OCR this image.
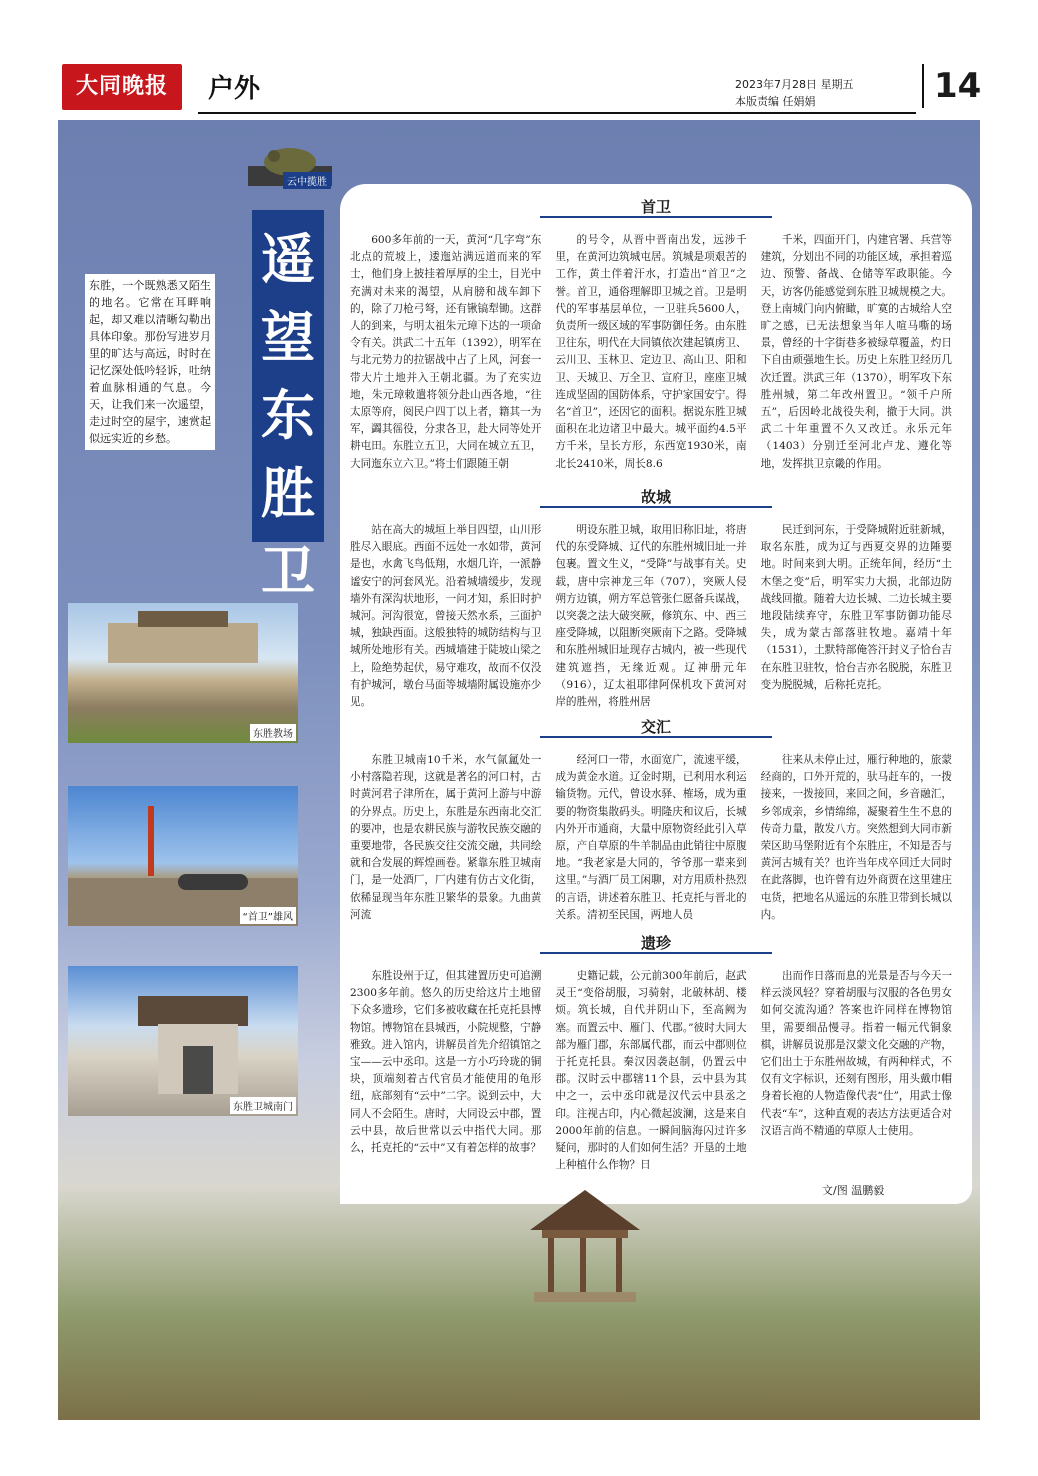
大同晚报	户外	2023年7月28日 星期五
本版责编 任娟娟	14
云中揽胜
遥望东胜卫
东胜，一个既熟悉又陌生的地名。它常在耳畔响起，却又难以清晰勾勒出具体印象。那份写进岁月里的旷达与高远，时时在记忆深处低吟轻诉，吐纳着血脉相通的气息。今天，让我们来一次遥望，走过时空的屋宇，速赏起似远实近的乡愁。
东胜教场
“首卫”雄风
东胜卫城南门
首卫

600多年前的一天，黄河“几字弯”东北点的荒坡上，逶迤站满远道而来的军士，他们身上披挂着厚厚的尘土，目光中充满对未来的渴望，从肩膀和战车卸下的，除了刀枪弓弩，还有锹镐犁锄。这群人的到来，与明太祖朱元璋下达的一项命令有关。洪武二十五年（1392），明军在与北元势力的拉锯战中占了上风，河套一带大片土地并入王朝北疆。为了充实边地，朱元璋敕遣将领分赴山西各地，“往太原等府，阅民户四丁以上者，籍其一为军，蠲其徭役，分隶各卫，赴大同等处开耕屯田。东胜立五卫，大同在城立五卫，大同迤东立六卫。”将士们跟随王朝

的号令，从晋中晋南出发，远涉千里，在黄河边筑城屯居。筑城是项艰苦的工作，黄土伴着汗水，打造出“首卫”之誉。首卫，通俗理解即卫城之首。卫是明代的军事基层单位，一卫驻兵5600人，负责所一级区域的军事防御任务。由东胜卫往东，明代在大同镇依次建起镇虏卫、云川卫、玉林卫、定边卫、高山卫、阳和卫、天城卫、万全卫、宣府卫，座座卫城连成坚固的国防体系，守护家国安宁。得名“首卫”，还因它的面积。据说东胜卫城面积在北边诸卫中最大。城平面约4.5平方千米，呈长方形，东西宽1930米，南北长2410米，周长8.6

千米，四面开门，内建官署、兵营等建筑，分划出不同的功能区域，承担着巡边、预警、备战、仓储等军政职能。今天，访客仍能感觉到东胜卫城规模之大。登上南城门向内俯瞰，旷寞的古城给人空旷之感，已无法想象当年人喧马嘶的场景，曾经的十字街巷多被绿草覆盖，灼日下自由顽强地生长。历史上东胜卫经历几次迁置。洪武三年（1370），明军攻下东胜州城，第二年改州置卫。“领千户所五”，后因岭北战役失利，撤于大同。洪武二十年重置不久又改迁。永乐元年（1403）分别迁至河北卢龙、遵化等地，发挥拱卫京畿的作用。

故城

站在高大的城垣上举目四望，山川形胜尽入眼底。西面不远处一水如带，黄河是也，水禽飞鸟低翔，水烟几许，一派静谧安宁的河套风光。沿着城墙缓步，发现墙外有深沟状地形，一问才知，系旧时护城河。河沟很宽，曾接天然水系，三面护城，独缺西面。这般独特的城防结构与卫城所处地形有关。西城墙建于陡坡山梁之上，险绝势起伏，易守难攻，故而不仅没有护城河，墩台马面等城墙附属设施亦少见。

明设东胜卫城，取用旧称旧址，将唐代的东受降城、辽代的东胜州城旧址一并包裹。置文生义，“受降”与战事有关。史载，唐中宗神龙三年（707），突厥人侵朔方边镇，朔方军总管张仁愿备兵谋战，以突袭之法大破突厥，修筑东、中、西三座受降城，以阻断突厥南下之路。受降城和东胜州城旧址现存古城内，被一些现代建筑遮挡，无缘近观。辽神册元年（916），辽太祖耶律阿保机攻下黄河对岸的胜州，将胜州居

民迁到河东，于受降城附近驻新城，取名东胜，成为辽与西夏交界的边陲要地。时间来到大明。正统年间，经历“土木堡之变”后，明军实力大损，北部边防战线回撤。随着大边长城、二边长城主要地段陆续弃守，东胜卫军事防御功能尽失，成为蒙古部落驻牧地。嘉靖十年（1531），土默特部俺答汗封义子恰台吉在东胜卫驻牧，恰台吉亦名脱脱，东胜卫变为脱脱城，后称托克托。

交汇

东胜卫城南10千米，水气氤氲处一小村落隐若现，这就是著名的河口村，古时黄河君子津所在，属于黄河上游与中游的分界点。历史上，东胜是东西南北交汇的要冲，也是农耕民族与游牧民族交融的重要地带，各民族交往交流交融，共同绘就和合发展的辉煌画卷。紧靠东胜卫城南门，是一处酒厂，厂内建有仿古文化街，依稀显现当年东胜卫繁华的景象。九曲黄河流

经河口一带，水面宽广，流速平缓，成为黄金水道。辽金时期，已利用水利运输货物。元代，曾设水驿、榷场，成为重要的物资集散码头。明隆庆和议后，长城内外开市通商，大量中原物资经此引入草原，产自草原的牛羊制品由此销往中原腹地。“我老家是大同的，爷爷那一辈来到这里。”与酒厂员工闲聊，对方用质朴热烈的言语，讲述着东胜卫、托克托与晋北的关系。清初至民国，两地人员

往来从未停止过，雁行种地的，旅蒙经商的，口外开荒的，驮马赶车的，一拨接来，一拨接回，来回之间，乡音融汇，乡邻成亲，乡情绵绵，凝聚着生生不息的传奇力量，散发八方。突然想到大同市新荣区助马堡附近有个东胜庄，不知是否与黄河古城有关？也许当年戍卒回迁大同时在此落脚，也许曾有边外商贾在这里建庄屯货，把地名从遥远的东胜卫带到长城以内。

遗珍

东胜设州于辽，但其建置历史可追溯2300多年前。悠久的历史给这片土地留下众多遗珍，它们多被收藏在托克托县博物馆。博物馆在县城西，小院规整，宁静雅致。进入馆内，讲解员首先介绍镇馆之宝——云中丞印。这是一方小巧玲珑的铜块，顶端刻着古代官员才能使用的龟形纽，底部刻有“云中”二字。说到云中，大同人不会陌生。唐时，大同设云中郡，置云中县，故后世常以云中指代大同。那么，托克托的“云中”又有着怎样的故事？

史籍记载，公元前300年前后，赵武灵王“变俗胡服，习骑射，北破林胡、楼烦。筑长城，自代并阴山下，至高阙为塞。而置云中、雁门、代郡。”彼时大同大部为雁门郡，东部属代郡，而云中郡则位于托克托县。秦汉因袭赵制，仍置云中郡。汉时云中郡辖11个县，云中县为其中之一，云中丞印就是汉代云中县丞之印。注视古印，内心微起波澜，这是来自2000年前的信息。一瞬间脑海闪过许多疑问，那时的人们如何生活？开垦的土地上种植什么作物？日

出而作日落而息的光景是否与今天一样云淡风轻？穿着胡服与汉服的各色男女如何交流沟通？答案也许同样在博物馆里，需要细品慢寻。指着一幅元代铜象棋，讲解员说那是汉蒙文化交融的产物，它们出土于东胜州故城，有两种样式，不仅有文字标识，还刻有图形，用头戴巾帽身着长袍的人物造像代表“仕”，用武士像代表“车”，这种直观的表达方法更适合对汉语言尚不精通的草原人士使用。

文/图 温鹏毅
